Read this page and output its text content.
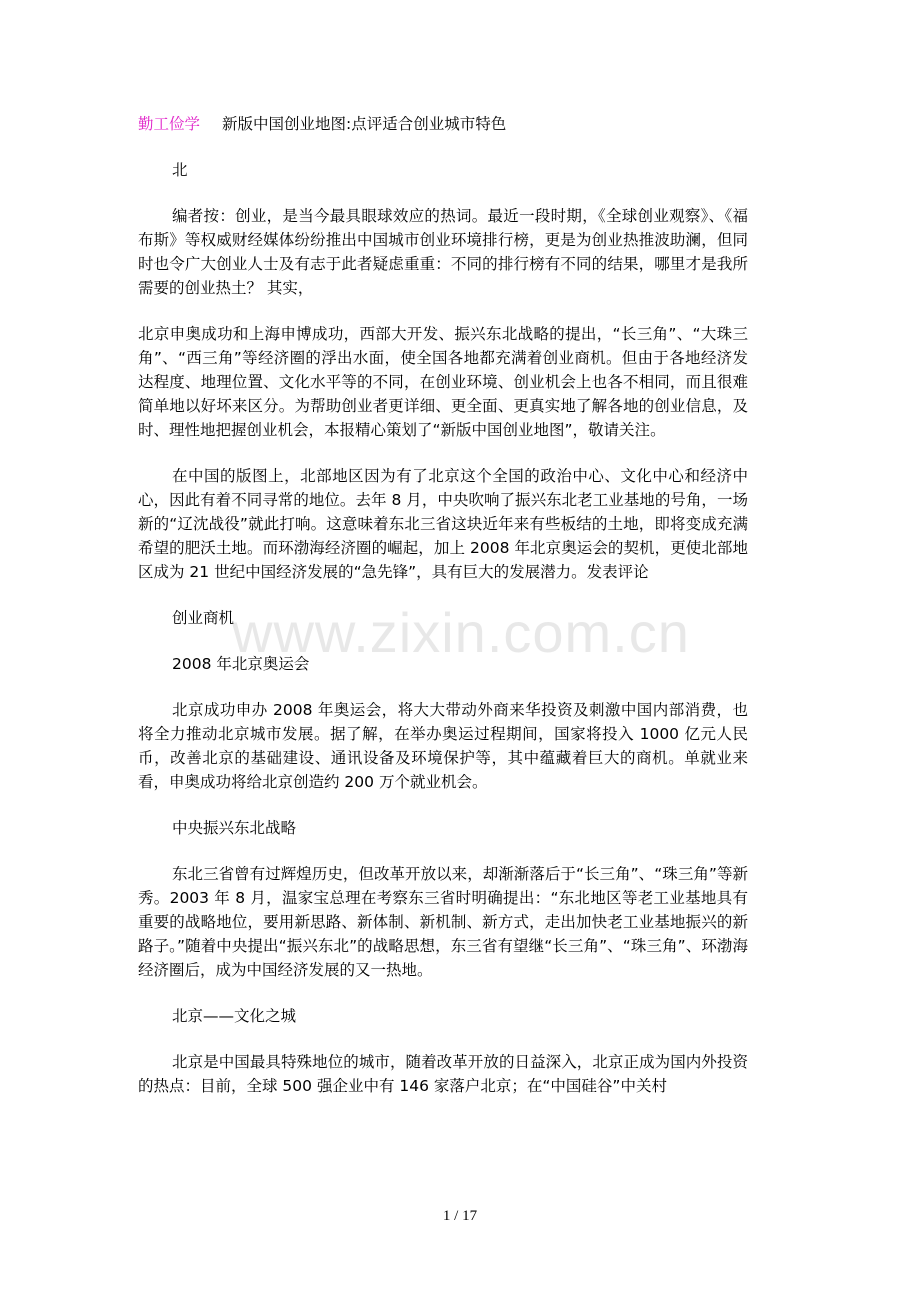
勤工俭学 新版中国创业地图:点评适合创业城市特色

北

编者按：创业，是当今最具眼球效应的热词。最近一段时期，《全球创业观察》、《福布斯》等权威财经媒体纷纷推出中国城市创业环境排行榜，更是为创业热推波助澜，但同时也令广大创业人士及有志于此者疑虑重重：不同的排行榜有不同的结果，哪里才是我所需要的创业热土？ 其实，

北京申奥成功和上海申博成功，西部大开发、振兴东北战略的提出，“长三角”、“大珠三角”、“西三角”等经济圈的浮出水面，使全国各地都充满着创业商机。但由于各地经济发达程度、地理位置、文化水平等的不同，在创业环境、创业机会上也各不相同，而且很难简单地以好坏来区分。为帮助创业者更详细、更全面、更真实地了解各地的创业信息，及时、理性地把握创业机会，本报精心策划了“新版中国创业地图”，敬请关注。

在中国的版图上，北部地区因为有了北京这个全国的政治中心、文化中心和经济中心，因此有着不同寻常的地位。去年 8 月，中央吹响了振兴东北老工业基地的号角，一场新的“辽沈战役”就此打响。这意味着东北三省这块近年来有些板结的土地，即将变成充满希望的肥沃土地。而环渤海经济圈的崛起，加上 2008 年北京奥运会的契机，更使北部地区成为 21 世纪中国经济发展的“急先锋”，具有巨大的发展潜力。发表评论

创业商机

2008 年北京奥运会

北京成功申办 2008 年奥运会，将大大带动外商来华投资及刺激中国内部消费，也将全力推动北京城市发展。据了解，在举办奥运过程期间，国家将投入 1000 亿元人民币，改善北京的基础建设、通讯设备及环境保护等，其中蕴藏着巨大的商机。单就业来看，申奥成功将给北京创造约 200 万个就业机会。

中央振兴东北战略

东北三省曾有过辉煌历史，但改革开放以来，却渐渐落后于“长三角”、“珠三角”等新秀。2003 年 8 月，温家宝总理在考察东三省时明确提出：“东北地区等老工业基地具有重要的战略地位，要用新思路、新体制、新机制、新方式，走出加快老工业基地振兴的新路子。”随着中央提出“振兴东北”的战略思想，东三省有望继“长三角”、“珠三角”、环渤海经济圈后，成为中国经济发展的又一热地。

北京——文化之城

北京是中国最具特殊地位的城市，随着改革开放的日益深入，北京正成为国内外投资的热点：目前，全球 500 强企业中有 146 家落户北京；在“中国硅谷”中关村

www.zixin.com.cn
1 / 17
